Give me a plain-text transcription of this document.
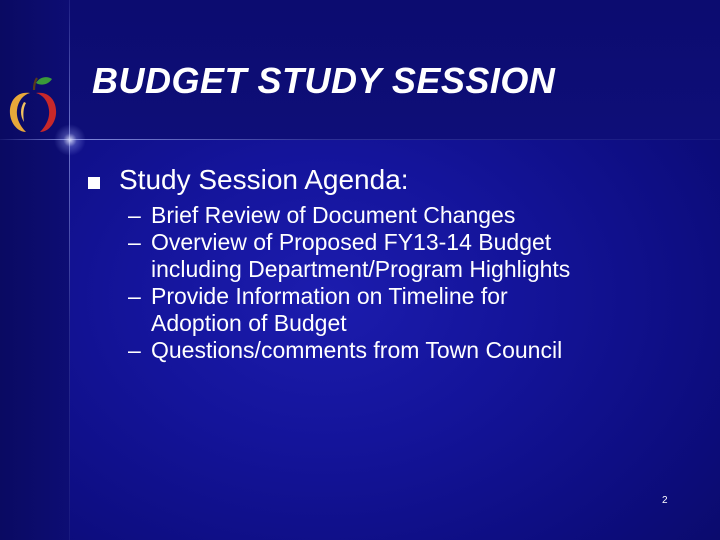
BUDGET STUDY SESSION
Study Session Agenda:
– Brief Review of Document Changes
– Overview of Proposed FY13-14 Budget
including Department/Program Highlights
– Provide Information on Timeline for
Adoption of Budget
– Questions/comments from Town Council
2
